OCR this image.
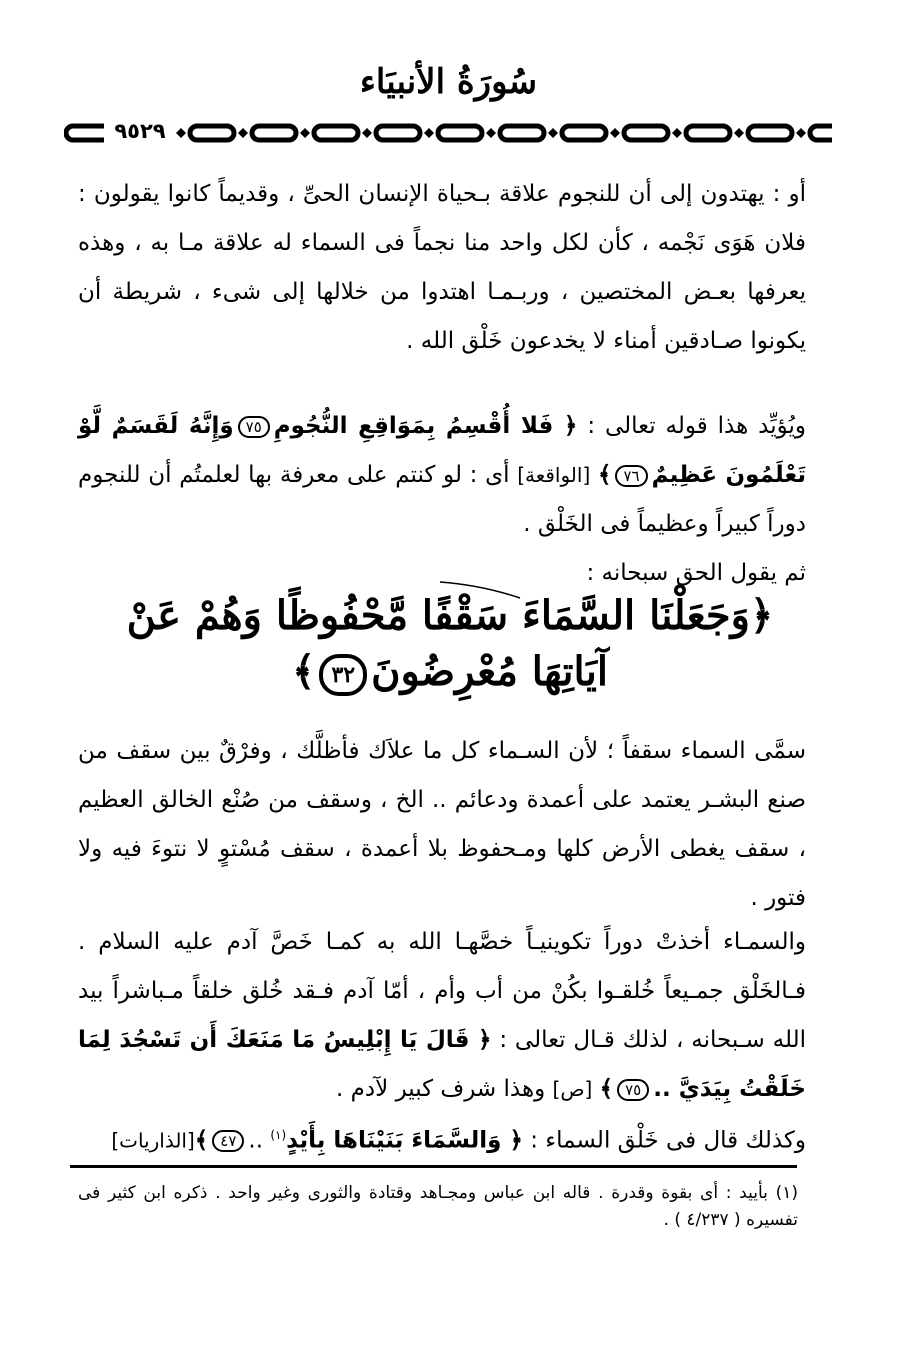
سُورَةُ الأنبيَاء
٩٥٢٩

أو : يهتدون إلى أن للنجوم علاقة بـحياة الإنسان الحىِّ ، وقديماً كانوا يقولون : فلان هَوَى نَجْمه ، كأن لكل واحد منا نجماً فى السماء له علاقة مـا به ، وهذه يعرفها بعـض المختصين ، وربـمـا اهتدوا من خلالها إلى شىء ، شريطة أن يكونوا صـادقين أمناء لا يخدعون خَلْق الله .

ويُؤيِّد هذا قوله تعالى : ﴿ فَلا أُقْسِمُ بِمَوَاقِعِ النُّجُومِ٧٥وَإِنَّهُ لَقَسَمٌ لَّوْ تَعْلَمُونَ عَظِيمٌ٧٦﴾ [الواقعة] أى : لو كنتم على معرفة بها لعلمتُم أن للنجوم دوراً كبيراً وعظيماً فى الخَلْق .

ثم يقول الحق سبحانه :

﴿وَجَعَلْنَا السَّمَاءَ سَقْفًا مَّحْفُوظًا وَهُمْ عَنْ
آيَاتِهَا مُعْرِضُونَ٣٢﴾

سمَّى السماء سقفاً ؛ لأن السـماء كل ما علاَك فأظلَّك ، وفرْقٌ بين سقف من صنع البشـر يعتمد على أعمدة ودعائم .. الخ ، وسقف من صُنْع الخالق العظيم ، سقف يغطى الأرض كلها ومـحفوظ بلا أعمدة ، سقف مُسْتوٍ لا نتوءَ فيه ولا فتور .

والسمـاء أخذتْ دوراً تكوينيـاً خصَّهـا الله به كمـا خَصَّ آدم عليه السلام . فـالخَلْق جمـيعاً خُلقـوا بكُنْ من أب وأم ، أمّا آدم فـقد خُلق خلقاً مـباشراً بيد الله سـبحانه ، لذلك قـال تعالى : ﴿ قَالَ يَا إِبْلِيسُ مَا مَنَعَكَ أَن تَسْجُدَ لِمَا خَلَقْتُ بِيَدَيَّ ..٧٥﴾ [ص] وهذا شرف كبير لآدم .

وكذلك قال فى خَلْق السماء : ﴿ وَالسَّمَاءَ بَنَيْنَاهَا بِأَيْدٍ$^{(١)}$ ..٤٧﴾[الذاريات]

(١) بأييد : أى بقوة وقدرة . قاله ابن عباس ومجـاهد وقتادة والثورى وغير واحد . ذكره ابن كثير فى تفسيره ( ٤/٢٣٧ ) .
